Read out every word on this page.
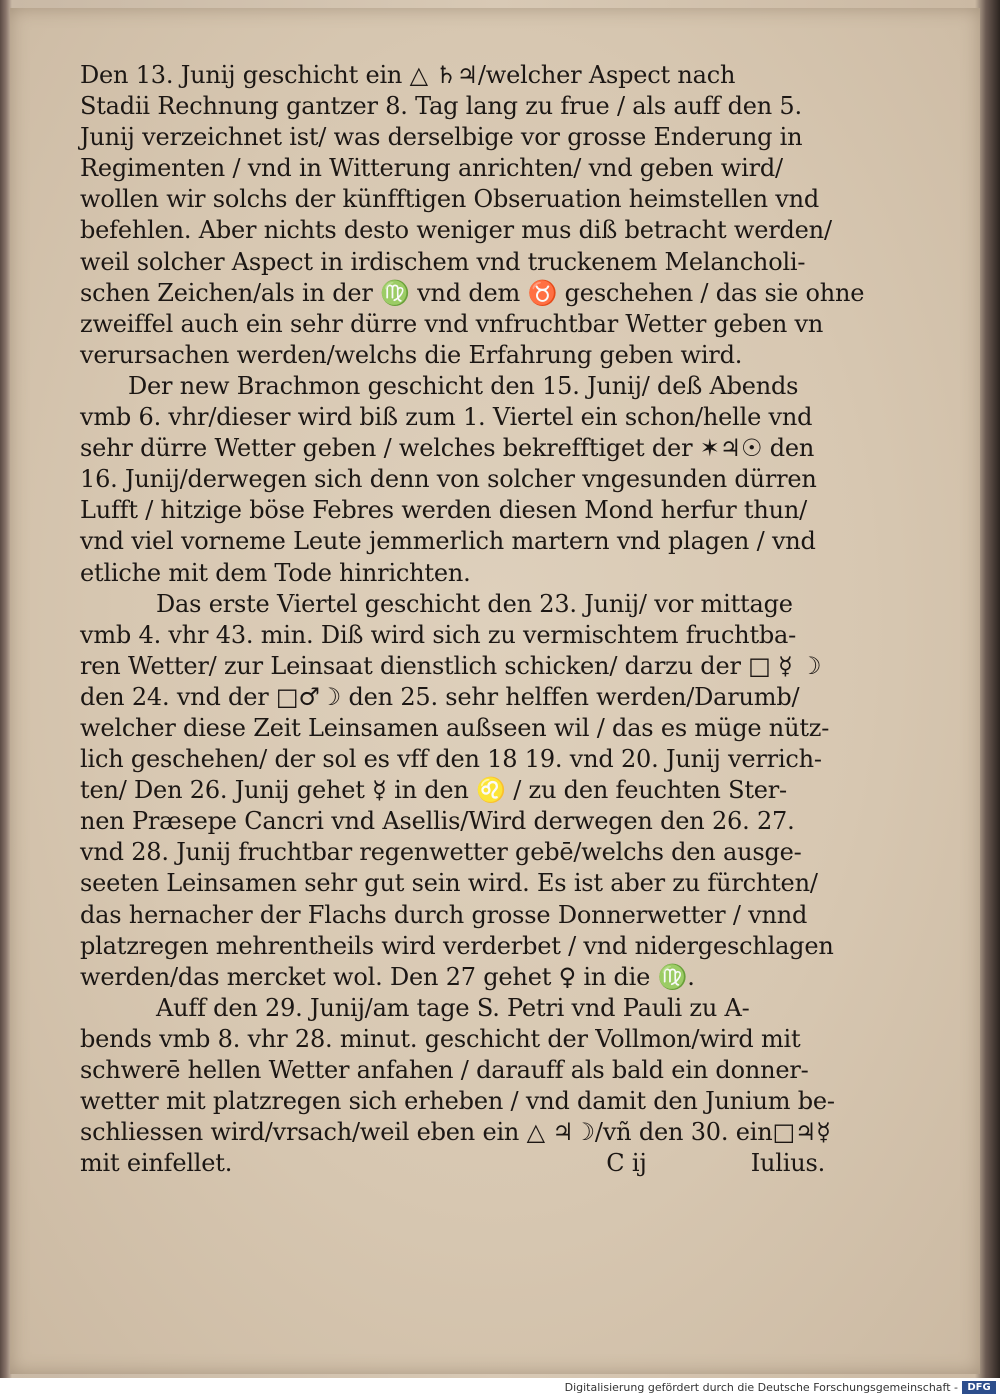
Den 13. Junij geschicht ein △ ♄♃/welcher Aspect nach
Stadii Rechnung gantzer 8. Tag lang zu frue / als auff den 5.
Junij verzeichnet ist/ was derselbige vor grosse Enderung in
Regimenten / vnd in Witterung anrichten/ vnd geben wird/
wollen wir solchs der künfftigen Obseruation heimstellen vnd
befehlen. Aber nichts desto weniger mus diß betracht werden/
weil solcher Aspect in irdischem vnd truckenem Melancholi-
schen Zeichen/als in der ♍ vnd dem ♉ geschehen / das sie ohne
zweiffel auch ein sehr dürre vnd vnfruchtbar Wetter geben vn
verursachen werden/welchs die Erfahrung geben wird.
Der new Brachmon geschicht den 15. Junij/ deß Abends
vmb 6. vhr/dieser wird biß zum 1. Viertel ein schon/helle vnd
sehr dürre Wetter geben / welches bekrefftiget der ✶♃☉ den
16. Junij/derwegen sich denn von solcher vngesunden dürren
Lufft / hitzige böse Febres werden diesen Mond herfur thun/
vnd viel vorneme Leute jemmerlich martern vnd plagen / vnd
etliche mit dem Tode hinrichten.
Das erste Viertel geschicht den 23. Junij/ vor mittage
vmb 4. vhr 43. min. Diß wird sich zu vermischtem fruchtba-
ren Wetter/ zur Leinsaat dienstlich schicken/ darzu der □ ☿ ☽
den 24. vnd der □♂☽ den 25. sehr helffen werden/Darumb/
welcher diese Zeit Leinsamen außseen wil / das es müge nütz-
lich geschehen/ der sol es vff den 18 19. vnd 20. Junij verrich-
ten/ Den 26. Junij gehet ☿ in den ♌ / zu den feuchten Ster-
nen Præsepe Cancri vnd Asellis/Wird derwegen den 26. 27.
vnd 28. Junij fruchtbar regenwetter gebē/welchs den ausge-
seeten Leinsamen sehr gut sein wird. Es ist aber zu fürchten/
das hernacher der Flachs durch grosse Donnerwetter / vnnd
platzregen mehrentheils wird verderbet / vnd nidergeschlagen
werden/das mercket wol. Den 27 gehet ♀ in die ♍.
Auff den 29. Junij/am tage S. Petri vnd Pauli zu A-
bends vmb 8. vhr 28. minut. geschicht der Vollmon/wird mit
schwerē hellen Wetter anfahen / darauff als bald ein donner-
wetter mit platzregen sich erheben / vnd damit den Junium be-
schliessen wird/vrsach/weil eben ein △ ♃☽/vñ den 30. ein□♃☿
mit einfellet.	C ij	Iulius.
Digitalisierung gefördert durch die Deutsche Forschungsgemeinschaft - DFG
